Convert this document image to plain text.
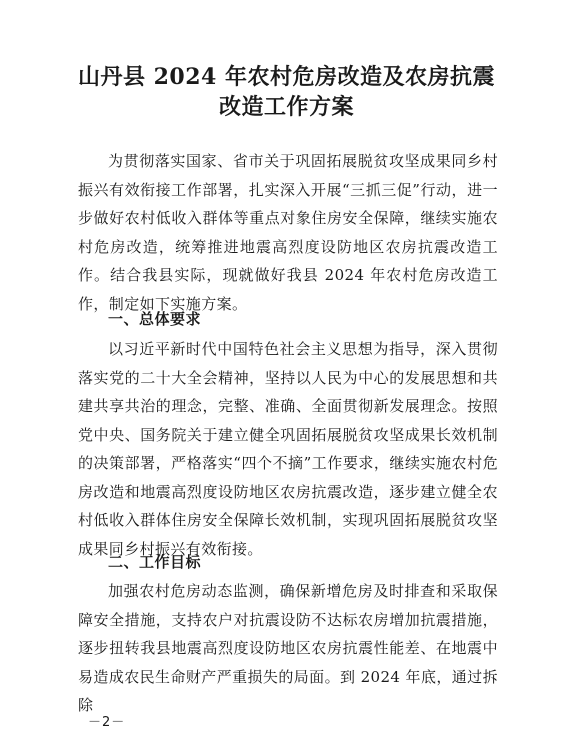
山丹县 2024 年农村危房改造及农房抗震
改造工作方案

为贯彻落实国家、省市关于巩固拓展脱贫攻坚成果同乡村振兴有效衔接工作部署，扎实深入开展“三抓三促”行动，进一步做好农村低收入群体等重点对象住房安全保障，继续实施农村危房改造，统筹推进地震高烈度设防地区农房抗震改造工作。结合我县实际，现就做好我县 2024 年农村危房改造工作，制定如下实施方案。

一、总体要求

以习近平新时代中国特色社会主义思想为指导，深入贯彻落实党的二十大全会精神，坚持以人民为中心的发展思想和共建共享共治的理念，完整、准确、全面贯彻新发展理念。按照党中央、国务院关于建立健全巩固拓展脱贫攻坚成果长效机制的决策部署，严格落实“四个不摘”工作要求，继续实施农村危房改造和地震高烈度设防地区农房抗震改造，逐步建立健全农村低收入群体住房安全保障长效机制，实现巩固拓展脱贫攻坚成果同乡村振兴有效衔接。

二、工作目标

加强农村危房动态监测，确保新增危房及时排查和采取保障安全措施，支持农户对抗震设防不达标农房增加抗震措施，逐步扭转我县地震高烈度设防地区农房抗震性能差、在地震中易造成农民生命财产严重损失的局面。到 2024 年底，通过拆除

－2－
